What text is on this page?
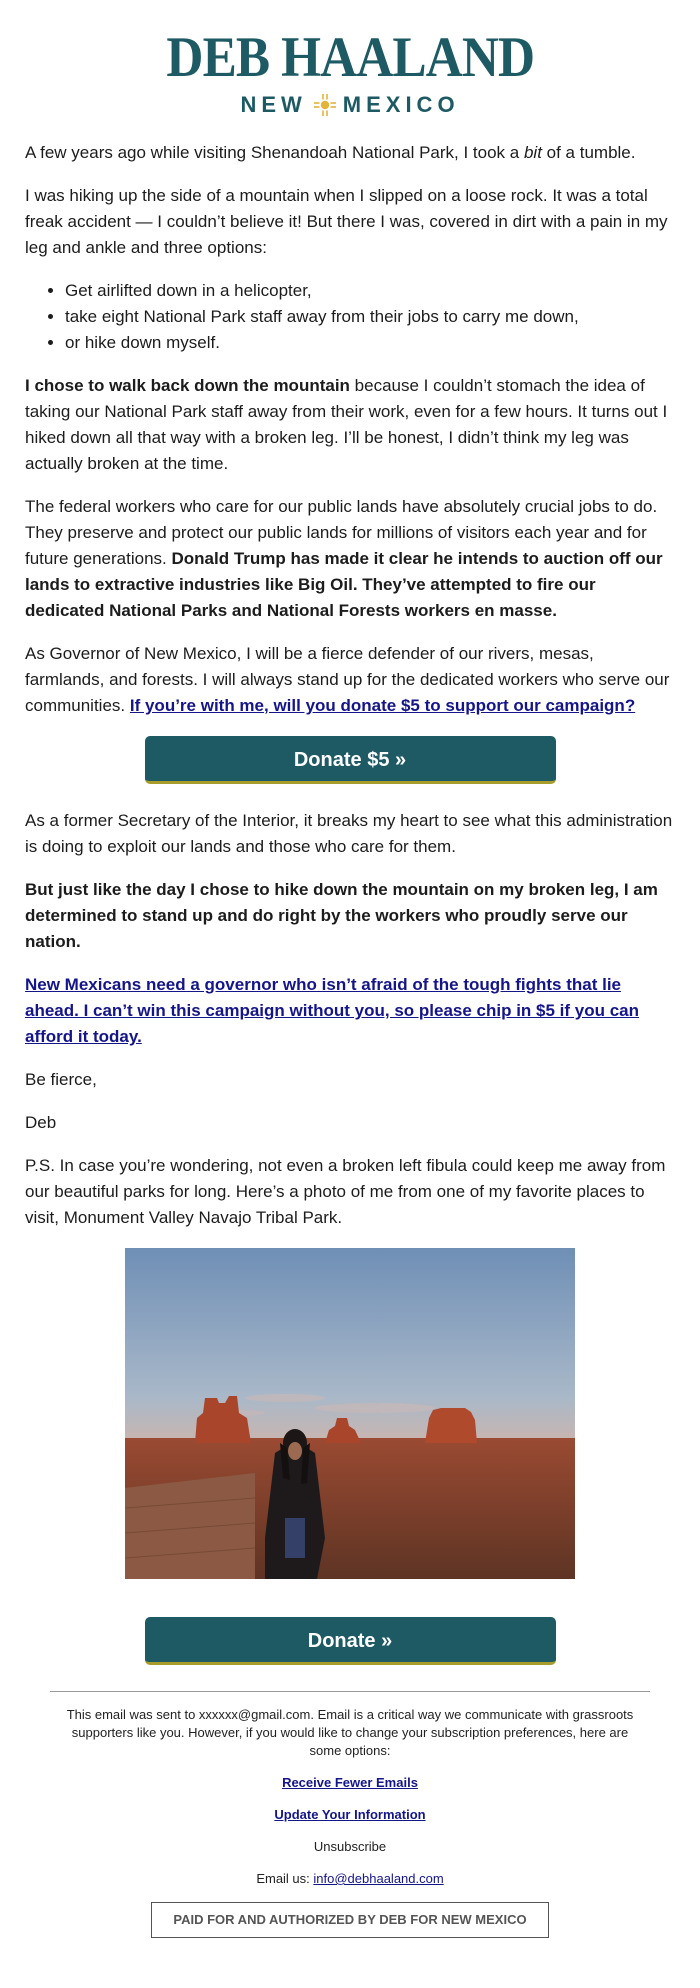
DEB HAALAND
NEW MEXICO

A few years ago while visiting Shenandoah National Park, I took a bit of a tumble.

I was hiking up the side of a mountain when I slipped on a loose rock. It was a total freak accident — I couldn’t believe it! But there I was, covered in dirt with a pain in my leg and ankle and three options:

• Get airlifted down in a helicopter,
• take eight National Park staff away from their jobs to carry me down,
• or hike down myself.

I chose to walk back down the mountain because I couldn’t stomach the idea of taking our National Park staff away from their work, even for a few hours. It turns out I hiked down all that way with a broken leg. I’ll be honest, I didn’t think my leg was actually broken at the time.

The federal workers who care for our public lands have absolutely crucial jobs to do. They preserve and protect our public lands for millions of visitors each year and for future generations. Donald Trump has made it clear he intends to auction off our lands to extractive industries like Big Oil. They’ve attempted to fire our dedicated National Parks and National Forests workers en masse.

As Governor of New Mexico, I will be a fierce defender of our rivers, mesas, farmlands, and forests. I will always stand up for the dedicated workers who serve our communities. If you’re with me, will you donate $5 to support our campaign?

Donate $5 »

As a former Secretary of the Interior, it breaks my heart to see what this administration is doing to exploit our lands and those who care for them.

But just like the day I chose to hike down the mountain on my broken leg, I am determined to stand up and do right by the workers who proudly serve our nation.

New Mexicans need a governor who isn’t afraid of the tough fights that lie ahead. I can’t win this campaign without you, so please chip in $5 if you can afford it today.

Be fierce,

Deb

P.S. In case you’re wondering, not even a broken left fibula could keep me away from our beautiful parks for long. Here’s a photo of me from one of my favorite places to visit, Monument Valley Navajo Tribal Park.

Donate »

This email was sent to xxxxxx@gmail.com. Email is a critical way we communicate with grassroots supporters like you. However, if you would like to change your subscription preferences, here are some options:

Receive Fewer Emails

Update Your Information

Unsubscribe

Email us: info@debhaaland.com

PAID FOR AND AUTHORIZED BY DEB FOR NEW MEXICO
